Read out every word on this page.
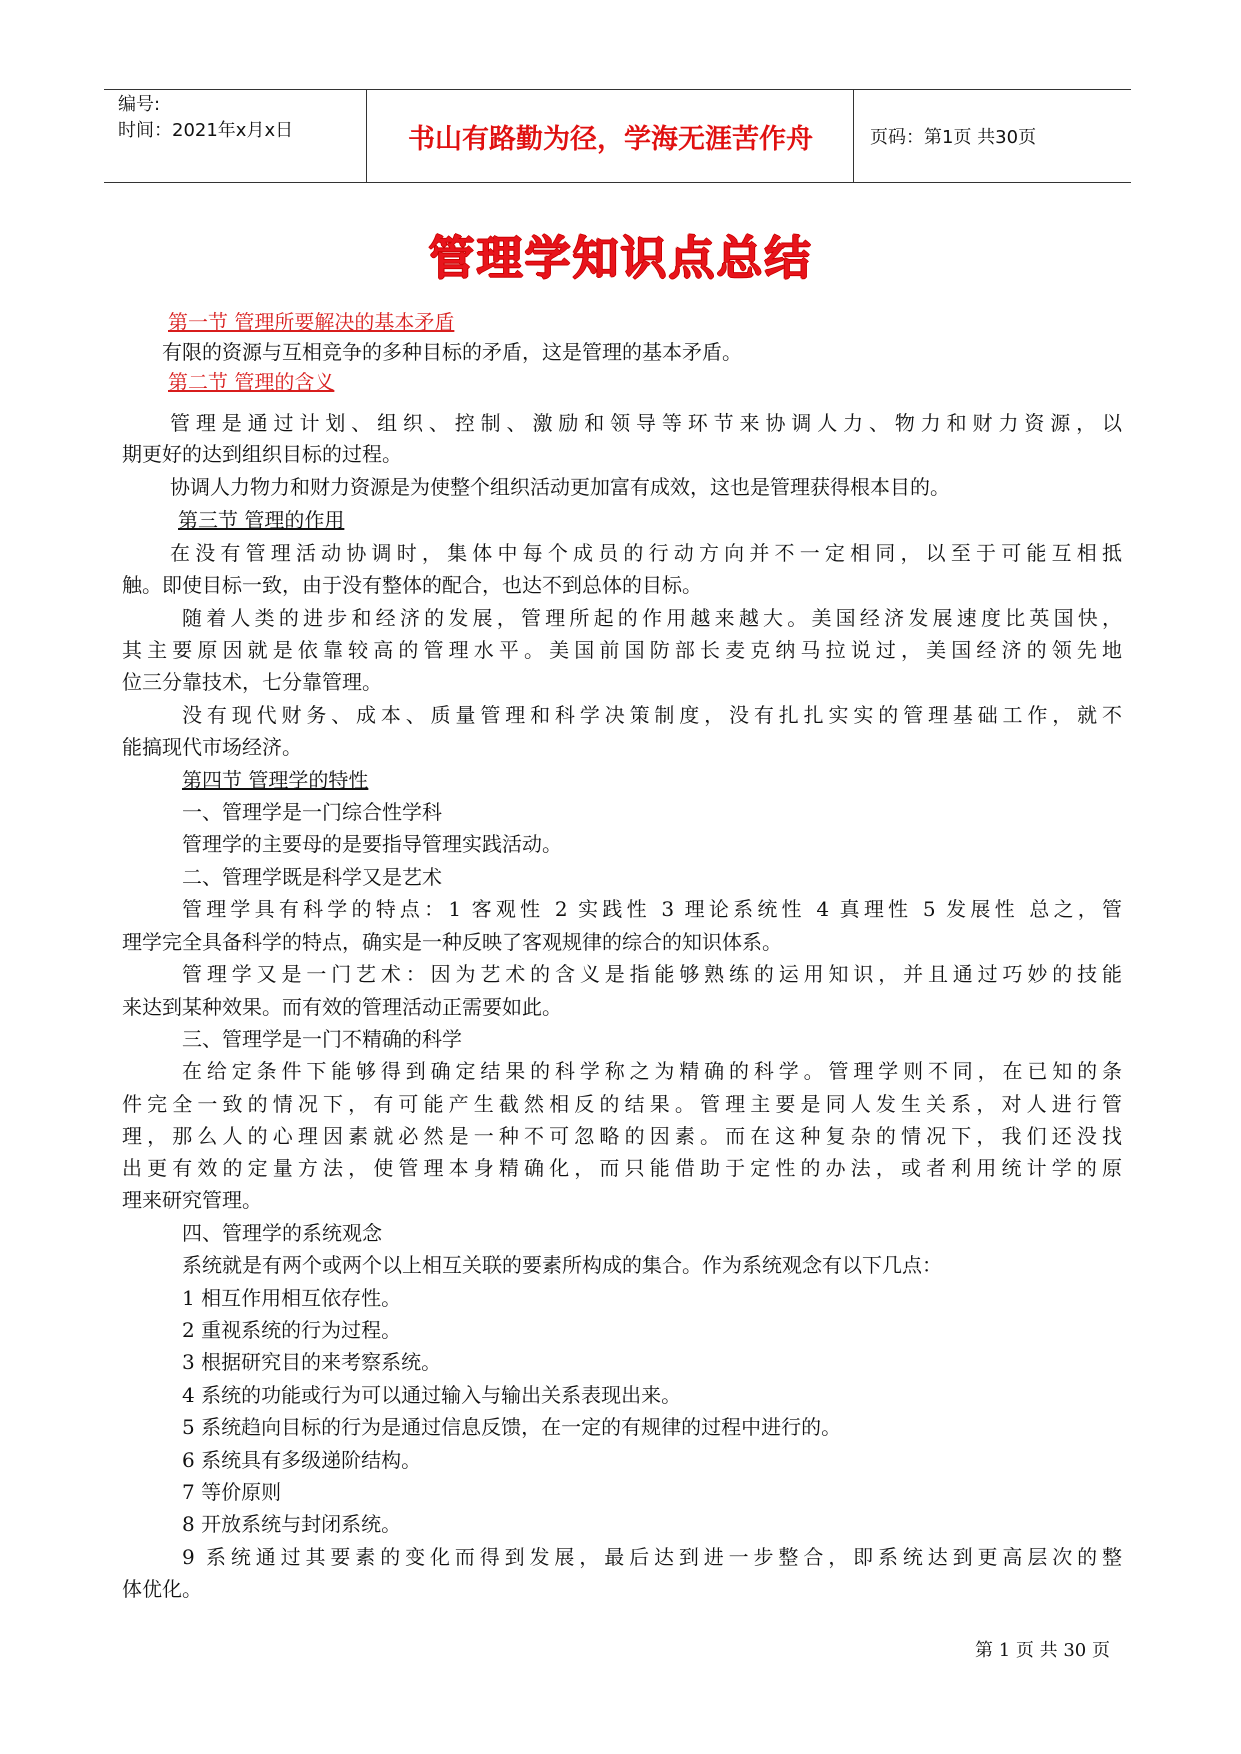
编号:
时间：2021年x月x日	书山有路勤为径，学海无涯苦作舟	页码：第1页 共30页
管理学知识点总结
第一节 管理所要解决的基本矛盾
有限的资源与互相竞争的多种目标的矛盾，这是管理的基本矛盾。
第二节 管理的含义
管理是通过计划、组织、控制、激励和领导等环节来协调人力、物力和财力资源，以
期更好的达到组织目标的过程。
协调人力物力和财力资源是为使整个组织活动更加富有成效，这也是管理获得根本目的。
第三节 管理的作用
在没有管理活动协调时，集体中每个成员的行动方向并不一定相同，以至于可能互相抵
触。即使目标一致，由于没有整体的配合，也达不到总体的目标。
随着人类的进步和经济的发展，管理所起的作用越来越大。美国经济发展速度比英国快，
其主要原因就是依靠较高的管理水平。美国前国防部长麦克纳马拉说过，美国经济的领先地
位三分靠技术，七分靠管理。
没有现代财务、成本、质量管理和科学决策制度，没有扎扎实实的管理基础工作，就不
能搞现代市场经济。
第四节 管理学的特性
一、管理学是一门综合性学科
管理学的主要母的是要指导管理实践活动。
二、管理学既是科学又是艺术
管理学具有科学的特点：1 客观性 2 实践性 3 理论系统性 4 真理性 5 发展性 总之，管
理学完全具备科学的特点，确实是一种反映了客观规律的综合的知识体系。
管理学又是一门艺术：因为艺术的含义是指能够熟练的运用知识，并且通过巧妙的技能
来达到某种效果。而有效的管理活动正需要如此。
三、管理学是一门不精确的科学
在给定条件下能够得到确定结果的科学称之为精确的科学。管理学则不同，在已知的条
件完全一致的情况下，有可能产生截然相反的结果。管理主要是同人发生关系，对人进行管
理，那么人的心理因素就必然是一种不可忽略的因素。而在这种复杂的情况下，我们还没找
出更有效的定量方法，使管理本身精确化，而只能借助于定性的办法，或者利用统计学的原
理来研究管理。
四、管理学的系统观念
系统就是有两个或两个以上相互关联的要素所构成的集合。作为系统观念有以下几点：
1 相互作用相互依存性。
2 重视系统的行为过程。
3 根据研究目的来考察系统。
4 系统的功能或行为可以通过输入与输出关系表现出来。
5 系统趋向目标的行为是通过信息反馈，在一定的有规律的过程中进行的。
6 系统具有多级递阶结构。
7 等价原则
8 开放系统与封闭系统。
9 系统通过其要素的变化而得到发展，最后达到进一步整合，即系统达到更高层次的整
体优化。
第 1 页 共 30 页
